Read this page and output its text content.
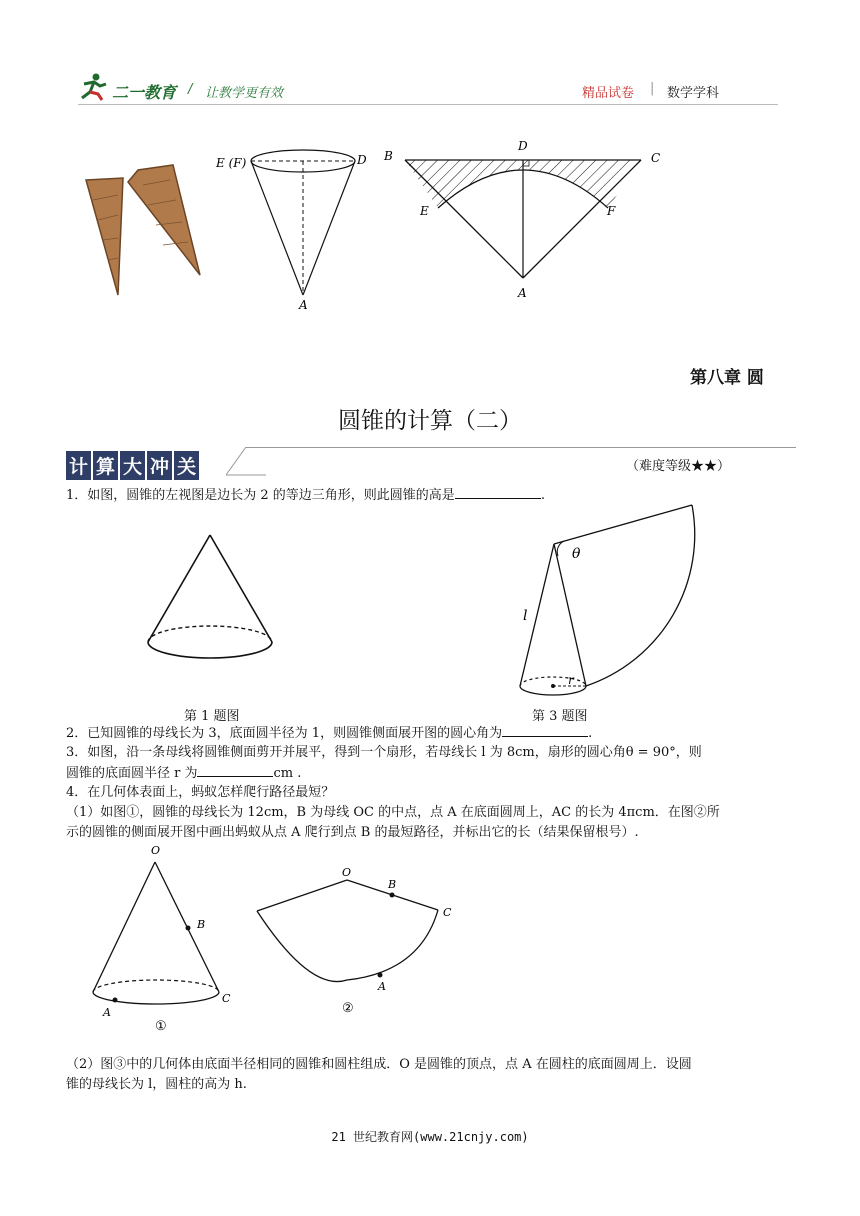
二一教育 / 让教学更有效	精品试卷 | 数学学科
E (F)	D
A
B
D
C
E	F
A
第八章 圆
圆锥的计算（二）
计 算 大 冲 关	（难度等级★★）
1．如图，圆锥的左视图是边长为 2 的等边三角形，则此圆锥的高是	.
第 1 题图
θ
l
r
第 3 题图
2．已知圆锥的母线长为 3，底面圆半径为 1，则圆锥侧面展开图的圆心角为	.
3．如图，沿一条母线将圆锥侧面剪开并展平，得到一个扇形，若母线长 l 为 8cm，扇形的圆心角θ = 90°，则
圆锥的底面圆半径 r 为	cm .
4．在几何体表面上，蚂蚁怎样爬行路径最短？
（1）如图①，圆锥的母线长为 12cm，B 为母线 OC 的中点，点 A 在底面圆周上，AC 的长为 4πcm．在图②所
示的圆锥的侧面展开图中画出蚂蚁从点 A 爬行到点 B 的最短路径，并标出它的长（结果保留根号）.
O
B
A
C
①
O
B
C
A
②
（2）图③中的几何体由底面半径相同的圆锥和圆柱组成．O 是圆锥的顶点，点 A 在圆柱的底面圆周上．设圆
锥的母线长为 l，圆柱的高为 h.
21 世纪教育网(www.21cnjy.com)
